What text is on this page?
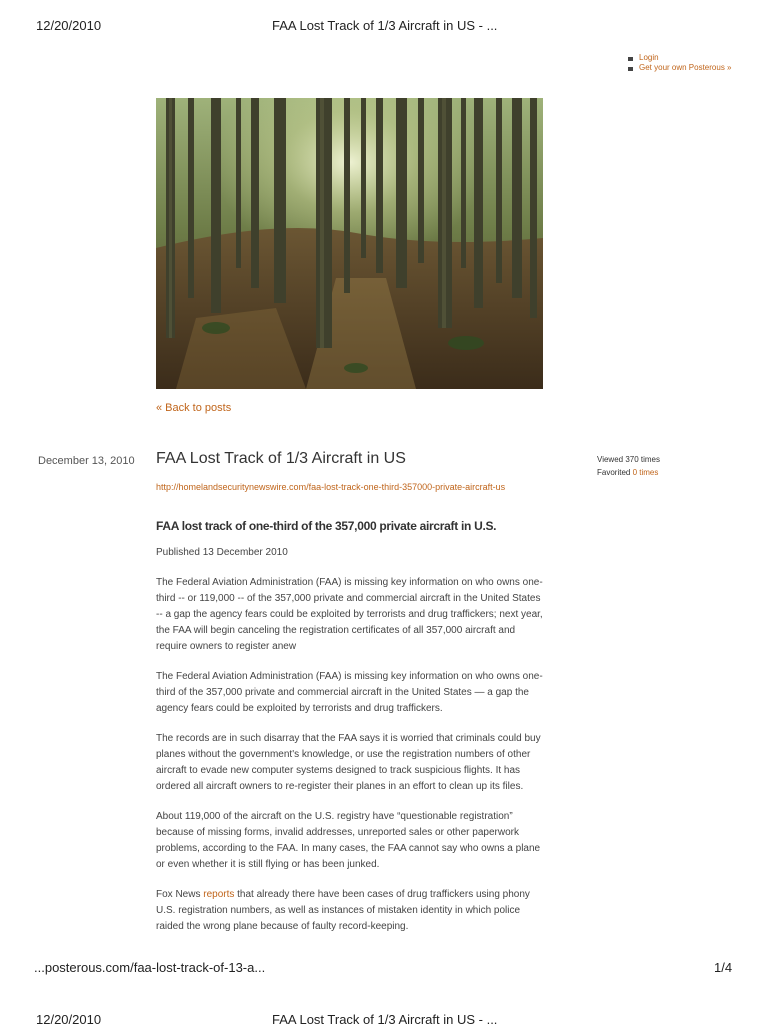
12/20/2010	FAA Lost Track of 1/3 Aircraft in US - ...
Login
Get your own Posterous »
« Back to posts
December 13, 2010 FAA Lost Track of 1/3 Aircraft in US
http://homelandsecuritynewswire.com/faa-lost-track-one-third-357000-private-aircraft-us
Viewed 370 times
Favorited 0 times
FAA lost track of one-third of the 357,000 private aircraft in U.S.

Published 13 December 2010

The Federal Aviation Administration (FAA) is missing key information on who owns one-third -- or 119,000 -- of the 357,000 private and commercial aircraft in the United States -- a gap the agency fears could be exploited by terrorists and drug traffickers; next year, the FAA will begin canceling the registration certificates of all 357,000 aircraft and require owners to register anew

The Federal Aviation Administration (FAA) is missing key information on who owns one-third of the 357,000 private and commercial aircraft in the United States — a gap the agency fears could be exploited by terrorists and drug traffickers.

The records are in such disarray that the FAA says it is worried that criminals could buy planes without the government's knowledge, or use the registration numbers of other aircraft to evade new computer systems designed to track suspicious flights. It has ordered all aircraft owners to re-register their planes in an effort to clean up its files.

About 119,000 of the aircraft on the U.S. registry have “questionable registration” because of missing forms, invalid addresses, unreported sales or other paperwork problems, according to the FAA. In many cases, the FAA cannot say who owns a plane or even whether it is still flying or has been junked.

Fox News reports that already there have been cases of drug traffickers using phony U.S. registration numbers, as well as instances of mistaken identity in which police raided the wrong plane because of faulty record-keeping.

...posterous.com/faa-lost-track-of-13-a...	1/4
12/20/2010	FAA Lost Track of 1/3 Aircraft in US - ...
